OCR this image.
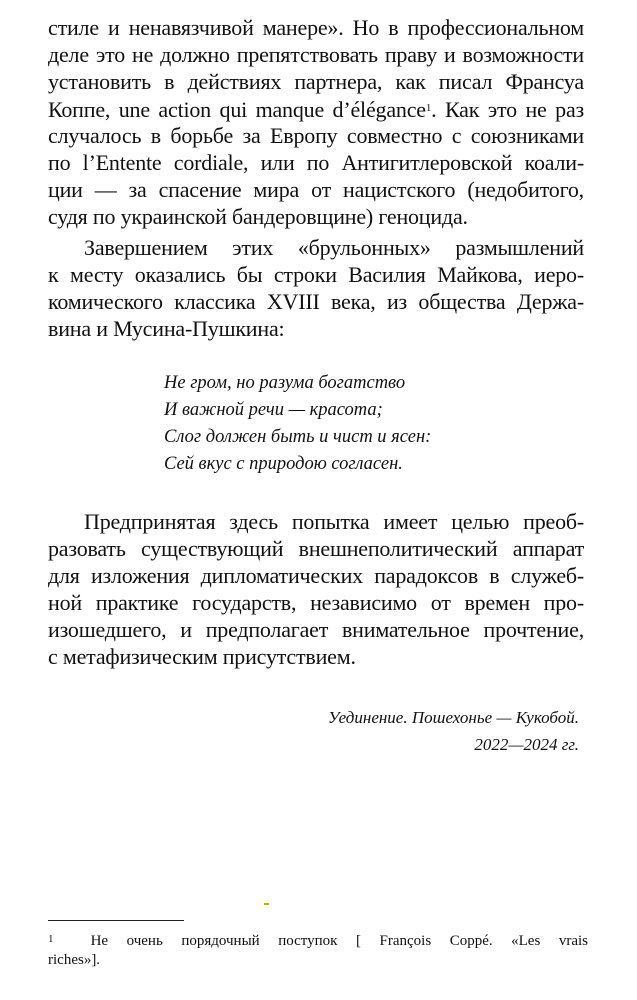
стиле и ненавязчивой манере». Но в профессиональном
деле это не должно препятствовать праву и возможности
установить в действиях партнера, как писал Франсуа
Коппе, une action qui manque d’élégance$^1$. Как это не раз
случалось в борьбе за Европу совместно с союзниками
по l’Entente cordiale, или по Антигитлеровской коали-
ции — за спасение мира от нацистского (недобитого,
судя по украинской бандеровщине) геноцида.
Завершением этих «брульонных» размышлений
к месту оказались бы строки Василия Майкова, иеро-
комического классика XVIII века, из общества Держа-
вина и Мусина-Пушкина:
Не гром, но разума богатство
И важной речи — красота;
Слог должен быть и чист и ясен:
Сей вкус с природою согласен.
Предпринятая здесь попытка имеет целью преоб-
разовать существующий внешнеполитический аппарат
для изложения дипломатических парадоксов в служеб-
ной практике государств, независимо от времен про-
изошедшего, и предполагает внимательное прочтение,
с метафизическим присутствием.
Уединение. Пошехонье — Кукобой.
2022—2024 гг.
$^1$ Не очень порядочный поступок [ François Coppé. «Les vrais
riches»].
